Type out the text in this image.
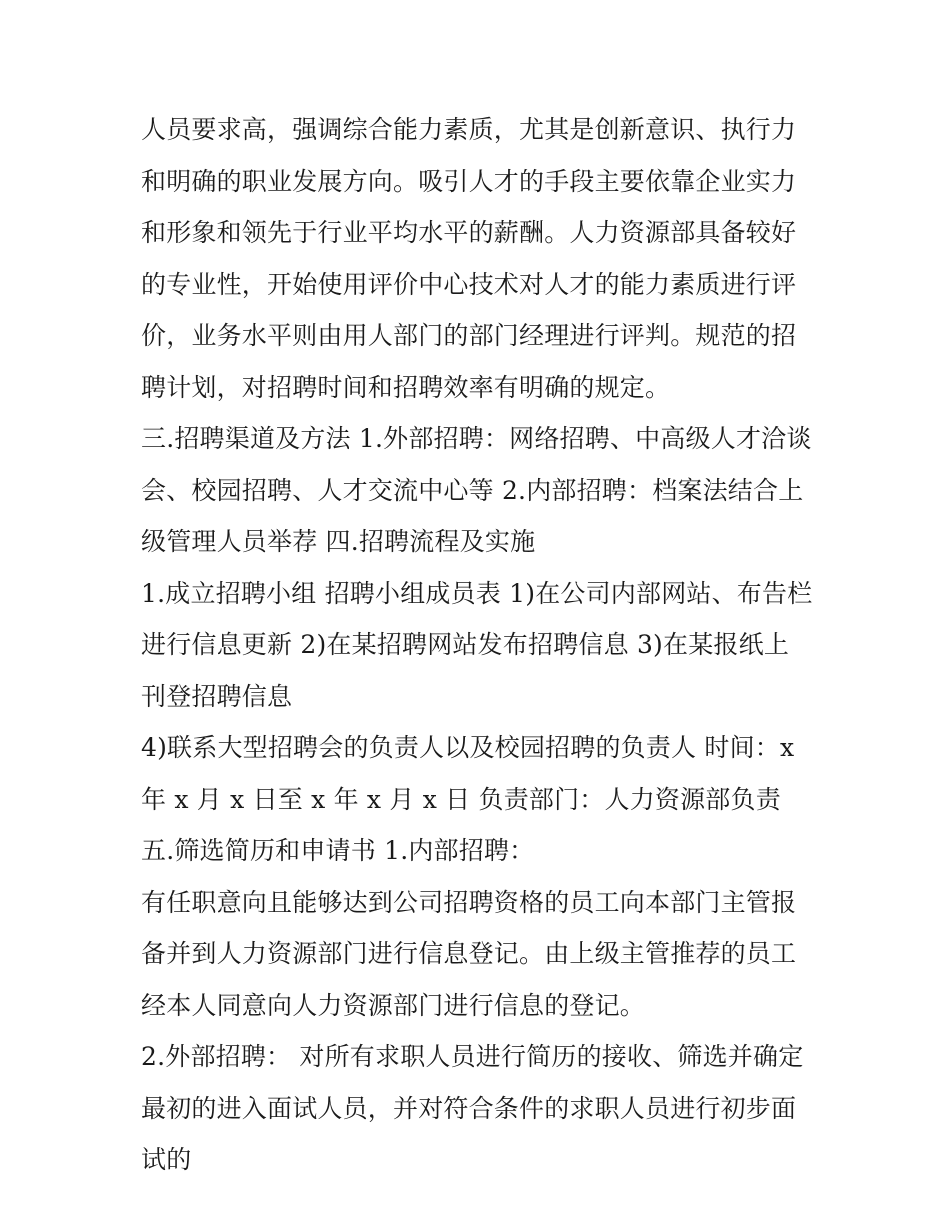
人员要求高，强调综合能力素质，尤其是创新意识、执行力和明确的职业发展方向。吸引人才的手段主要依靠企业实力和形象和领先于行业平均水平的薪酬。人力资源部具备较好的专业性，开始使用评价中心技术对人才的能力素质进行评价，业务水平则由用人部门的部门经理进行评判。规范的招聘计划，对招聘时间和招聘效率有明确的规定。

三.招聘渠道及方法 1.外部招聘：网络招聘、中高级人才洽谈会、校园招聘、人才交流中心等 2.内部招聘：档案法结合上级管理人员举荐 四.招聘流程及实施

1.成立招聘小组 招聘小组成员表 1)在公司内部网站、布告栏进行信息更新 2)在某招聘网站发布招聘信息 3)在某报纸上刊登招聘信息

4)联系大型招聘会的负责人以及校园招聘的负责人 时间：x 年 x 月 x 日至 x 年 x 月 x 日 负责部门：人力资源部负责 五.筛选简历和申请书 1.内部招聘：

有任职意向且能够达到公司招聘资格的员工向本部门主管报备并到人力资源部门进行信息登记。由上级主管推荐的员工经本人同意向人力资源部门进行信息的登记。

2.外部招聘： 对所有求职人员进行简历的接收、筛选并确定最初的进入面试人员，并对符合条件的求职人员进行初步面试的
